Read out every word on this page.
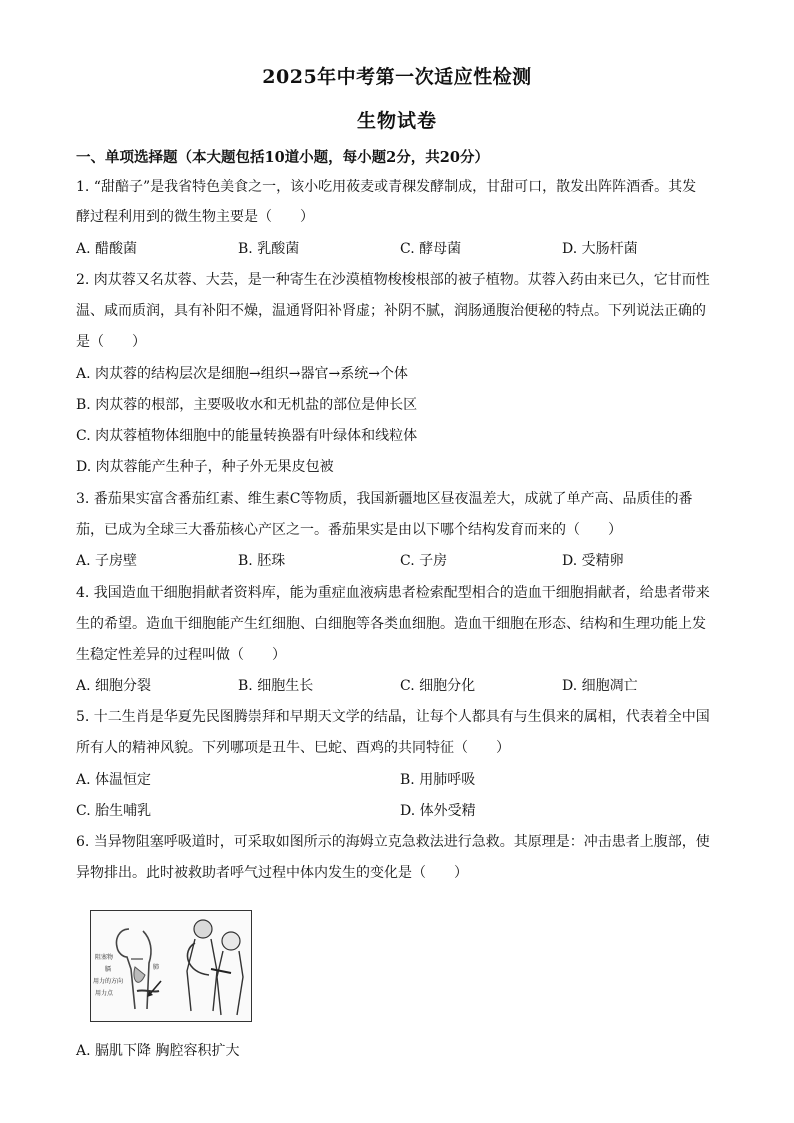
2025年中考第一次适应性检测
生物试卷
一、单项选择题（本大题包括10道小题，每小题2分，共20分）
1. “甜醅子”是我省特色美食之一，该小吃用莜麦或青稞发酵制成，甘甜可口，散发出阵阵酒香。其发
酵过程利用到的微生物主要是（　　）
A. 醋酸菌	B. 乳酸菌	C. 酵母菌	D. 大肠杆菌
2. 肉苁蓉又名苁蓉、大芸，是一种寄生在沙漠植物梭梭根部的被子植物。苁蓉入药由来已久，它甘而性
温、咸而质润，具有补阳不燥，温通肾阳补肾虚；补阴不腻，润肠通腹治便秘的特点。下列说法正确的
是（　　）
A. 肉苁蓉的结构层次是细胞→组织→器官→系统→个体
B. 肉苁蓉的根部，主要吸收水和无机盐的部位是伸长区
C. 肉苁蓉植物体细胞中的能量转换器有叶绿体和线粒体
D. 肉苁蓉能产生种子，种子外无果皮包被
3. 番茄果实富含番茄红素、维生素C等物质，我国新疆地区昼夜温差大，成就了单产高、品质佳的番
茄，已成为全球三大番茄核心产区之一。番茄果实是由以下哪个结构发育而来的（　　）
A. 子房壁	B. 胚珠	C. 子房	D. 受精卵
4. 我国造血干细胞捐献者资料库，能为重症血液病患者检索配型相合的造血干细胞捐献者，给患者带来
生的希望。造血干细胞能产生红细胞、白细胞等各类血细胞。造血干细胞在形态、结构和生理功能上发
生稳定性差异的过程叫做（　　）
A. 细胞分裂	B. 细胞生长	C. 细胞分化	D. 细胞凋亡
5. 十二生肖是华夏先民图腾崇拜和早期天文学的结晶，让每个人都具有与生俱来的属相，代表着全中国
所有人的精神风貌。下列哪项是丑牛、巳蛇、酉鸡的共同特征（　　）
A. 体温恒定	B. 用肺呼吸
C. 胎生哺乳	D. 体外受精
6. 当异物阻塞呼吸道时，可采取如图所示的海姆立克急救法进行急救。其原理是：冲击患者上腹部，使
异物排出。此时被救助者呼气过程中体内发生的变化是（　　）
阻塞物
膈
用力的方向
用力点
肺
A. 膈肌下降 胸腔容积扩大
